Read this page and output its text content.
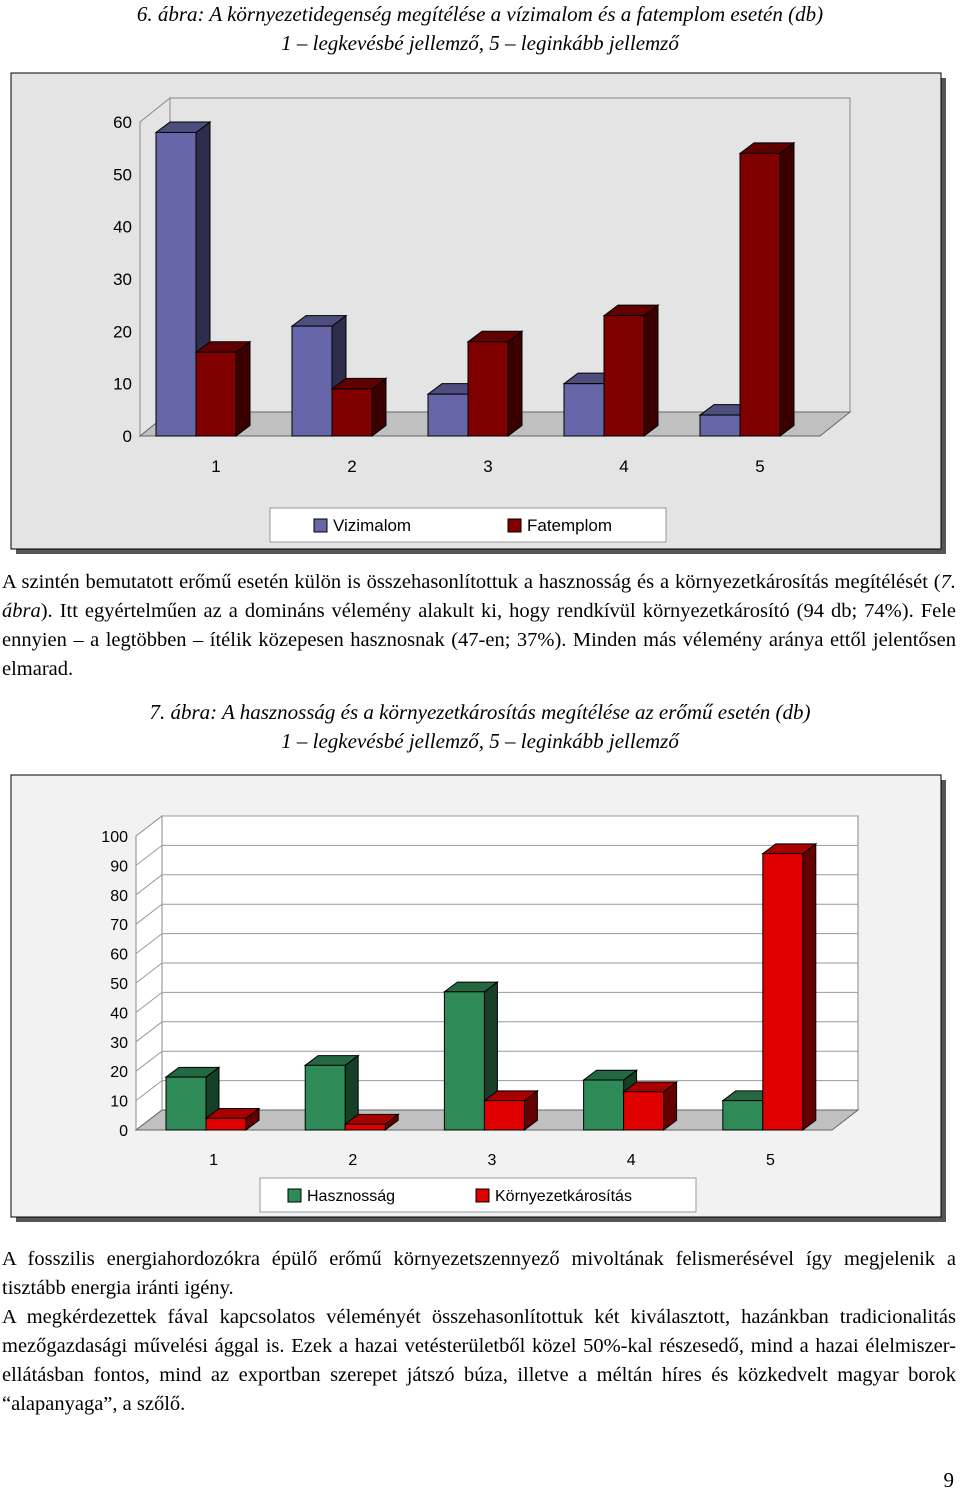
6. ábra: A környezetidegenség megítélése a vízimalom és a fatemplom esetén (db)
1 – legkevésbé jellemző, 5 – leginkább jellemző
0
10
20
30
40
50
60
1	2	3	4	5
Vizimalom	Fatemplom
A szintén bemutatott erőmű esetén külön is összehasonlítottuk a hasznosság és a környezetkárosítás megítélését (7. ábra). Itt egyértelműen az a domináns vélemény alakult ki, hogy rendkívül környezetkárosító (94 db; 74%). Fele ennyien – a legtöbben – ítélik közepesen hasznosnak (47-en; 37%). Minden más vélemény aránya ettől jelentősen elmarad.
7. ábra: A hasznosság és a környezetkárosítás megítélése az erőmű esetén (db)
1 – legkevésbé jellemző, 5 – leginkább jellemző
0
10
20
30
40
50
60
70
80
90
100
1	2	3	4	5
Hasznosság	Környezetkárosítás
A fosszilis energiahordozókra épülő erőmű környezetszennyező mivoltának felismerésével így megjelenik a tisztább energia iránti igény.
A megkérdezettek fával kapcsolatos véleményét összehasonlítottuk két kiválasztott, hazánkban tradicionalitás mezőgazdasági művelési ággal is. Ezek a hazai vetésterületből közel 50%-kal részesedő, mind a hazai élelmiszer-ellátásban fontos, mind az exportban szerepet játszó búza, illetve a méltán híres és közkedvelt magyar borok “alapanyaga”, a szőlő.
9
